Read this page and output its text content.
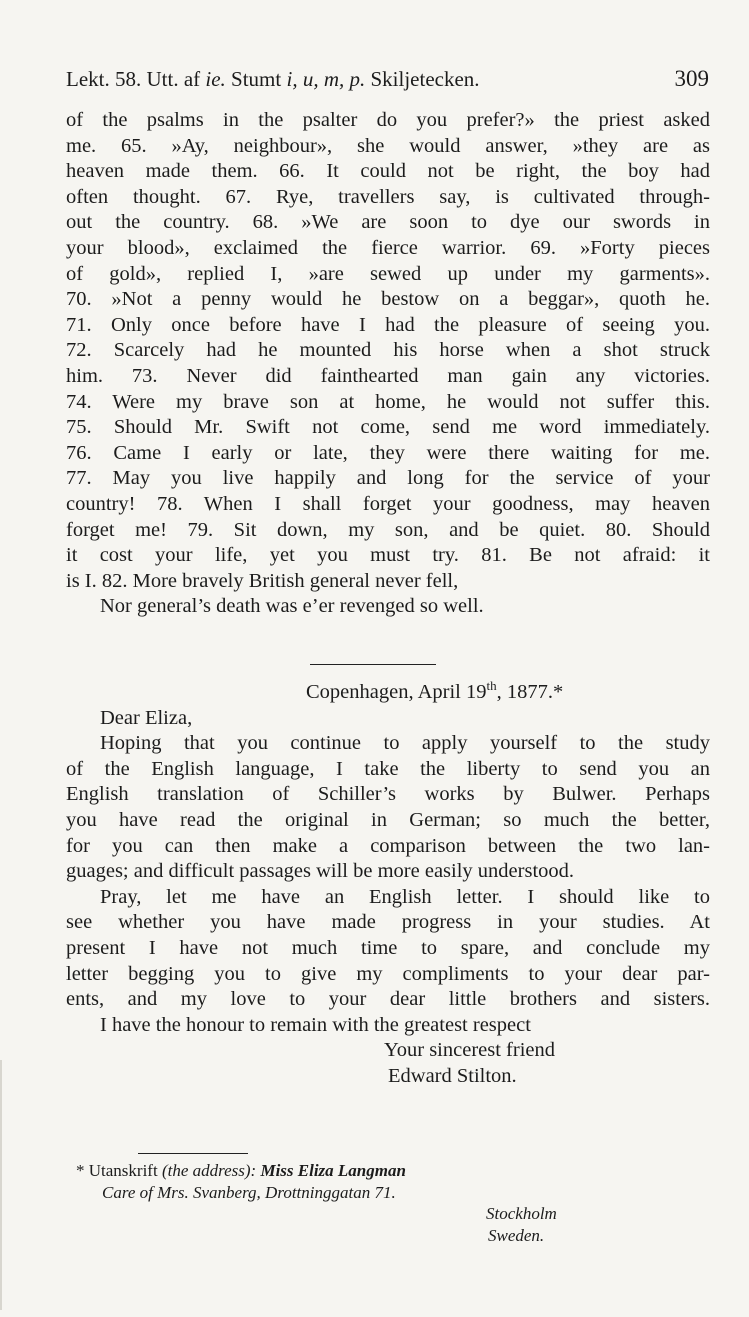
Lekt. 58. Utt. af ie. Stumt i, u, m, p. Skiljetecken.	309
of the psalms in the psalter do you prefer?» the priest asked
me. 65. »Ay, neighbour», she would answer, »they are as
heaven made them. 66. It could not be right, the boy had
often thought. 67. Rye, travellers say, is cultivated through-
out the country. 68. »We are soon to dye our swords in
your blood», exclaimed the fierce warrior. 69. »Forty pieces
of gold», replied I, »are sewed up under my garments».
70. »Not a penny would he bestow on a beggar», quoth he.
71. Only once before have I had the pleasure of seeing you.
72. Scarcely had he mounted his horse when a shot struck
him. 73. Never did fainthearted man gain any victories.
74. Were my brave son at home, he would not suffer this.
75. Should Mr. Swift not come, send me word immediately.
76. Came I early or late, they were there waiting for me.
77. May you live happily and long for the service of your
country! 78. When I shall forget your goodness, may heaven
forget me! 79. Sit down, my son, and be quiet. 80. Should
it cost your life, yet you must try. 81. Be not afraid: it
is I. 82. More bravely British general never fell,
Nor general’s death was e’er revenged so well.
Copenhagen, April 19th, 1877.*
Dear Eliza,
Hoping that you continue to apply yourself to the study
of the English language, I take the liberty to send you an
English translation of Schiller’s works by Bulwer. Perhaps
you have read the original in German; so much the better,
for you can then make a comparison between the two lan-
guages; and difficult passages will be more easily understood.
Pray, let me have an English letter. I should like to
see whether you have made progress in your studies. At
present I have not much time to spare, and conclude my
letter begging you to give my compliments to your dear par-
ents, and my love to your dear little brothers and sisters.
I have the honour to remain with the greatest respect
Your sincerest friend
Edward Stilton.
* Utanskrift (the address): Miss Eliza Langman
Care of Mrs. Svanberg, Drottninggatan 71.
Stockholm
Sweden.
